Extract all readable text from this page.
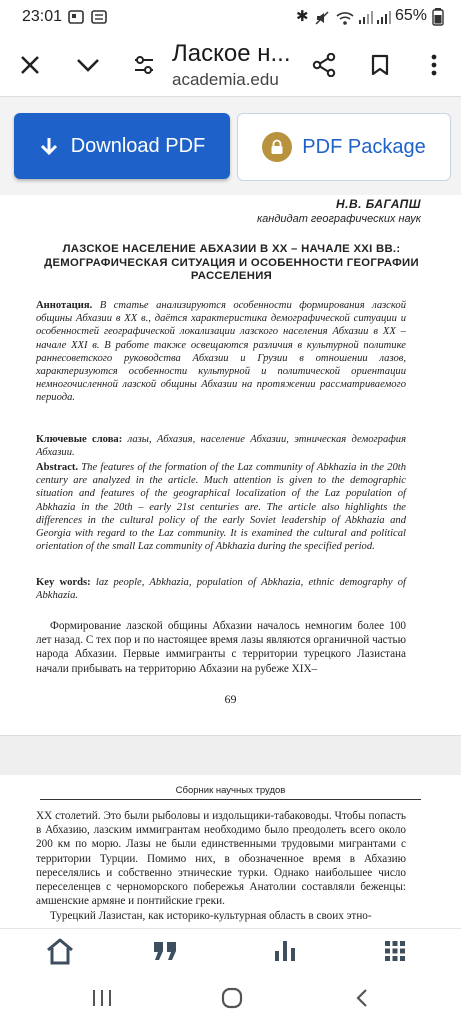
23:01	✱	65%
Лаское н...
academia.edu
Download PDF	PDF Package
Н.В. БАГАПШ
кандидат географических наук
ЛАЗСКОЕ НАСЕЛЕНИЕ АБХАЗИИ В XX – НАЧАЛЕ XXI ВВ.: ДЕМОГРАФИЧЕСКАЯ СИТУАЦИЯ И ОСОБЕННОСТИ ГЕОГРАФИИ РАССЕЛЕНИЯ
Аннотация. В статье анализируются особенности формирования лазской общины Абхазии в XX в., даётся характеристика демографической ситуации и особенностей географической локализации лазского населения Абхазии в XX – начале XXI в. В работе также освещаются различия в культурной политике раннесоветского руководства Абхазии и Грузии в отношении лазов, характеризуются особенности культурной и политической ориентации немногочисленной лазской общины Абхазии на протяжении рассматриваемого периода.
Ключевые слова: лазы, Абхазия, население Абхазии, этническая демография Абхазии.
Abstract. The features of the formation of the Laz community of Abkhazia in the 20th century are analyzed in the article. Much attention is given to the demographic situation and features of the geographical localization of the Laz population of Abkhazia in the 20th – early 21st centuries are. The article also highlights the differences in the cultural policy of the early Soviet leadership of Abkhazia and Georgia with regard to the Laz community. It is examined the cultural and political orientation of the small Laz community of Abkhazia during the specified period.
Key words: laz people, Abkhazia, population of Abkhazia, ethnic demography of Abkhazia.
Формирование лазской общины Абхазии началось немногим более 100 лет назад. С тех пор и по настоящее время лазы являются органичной частью народа Абхазии. Первые иммигранты с территории турецкого Лазистана начали прибывать на территорию Абхазии на рубеже XIX–
69
Сборник научных трудов
XX столетий. Это были рыболовы и издольщики-табаководы. Чтобы попасть в Абхазию, лазским иммигрантам необходимо было преодолеть всего около 200 км по морю. Лазы не были единственными трудовыми мигрантами с территории Турции. Помимо них, в обозначенное время в Абхазию переселялись и собственно этнические турки. Однако наибольшее число переселенцев с черноморского побережья Анатолии составляли беженцы: амшенские армяне и понтийские греки.
Турецкий Лазистан, как историко-культурная область в своих этно-
